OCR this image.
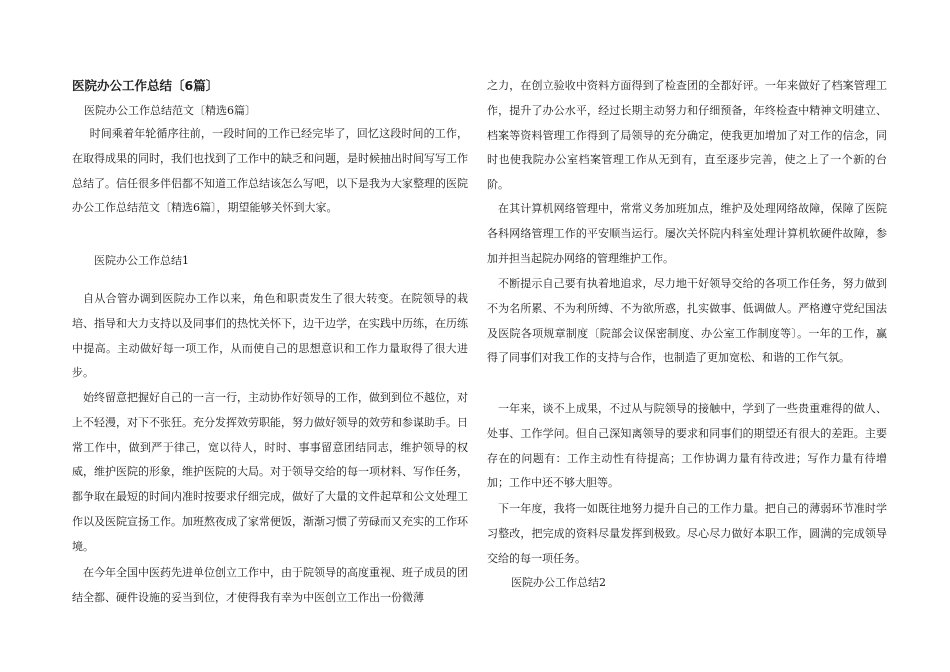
医院办公工作总结〔6篇〕
医院办公工作总结范文〔精选6篇〕

时间乘着年轮循序往前，一段时间的工作已经完毕了，回忆这段时间的工作，在取得成果的同时，我们也找到了工作中的缺乏和问题，是时候抽出时间写写工作总结了。信任很多伴侣都不知道工作总结该怎么写吧，以下是我为大家整理的医院办公工作总结范文〔精选6篇〕，期望能够关怀到大家。

医院办公工作总结1

自从合管办调到医院办工作以来，角色和职责发生了很大转变。在院领导的栽培、指导和大力支持以及同事们的热忱关怀下，边干边学，在实践中历练，在历练中提高。主动做好每一项工作，从而使自己的思想意识和工作力量取得了很大进步。

始终留意把握好自己的一言一行，主动协作好领导的工作，做到到位不越位，对上不轻漫，对下不张狂。充分发挥效劳职能，努力做好领导的效劳和参谋助手。日常工作中，做到严于律己，宽以待人，时时、事事留意团结同志，维护领导的权威，维护医院的形象，维护医院的大局。对于领导交给的每一项材料、写作任务，都争取在最短的时间内准时按要求仔细完成，做好了大量的文件起草和公文处理工作以及医院宣扬工作。加班熬夜成了家常便饭，渐渐习惯了劳碌而又充实的工作环境。

在今年全国中医药先进单位创立工作中，由于院领导的高度重视、班子成员的团结全都、硬件设施的妥当到位，才使得我有幸为中医创立工作出一份微薄

之力，在创立验收中资料方面得到了检查团的全都好评。一年来做好了档案管理工作，提升了办公水平，经过长期主动努力和仔细预备，年终检查中精神文明建立、档案等资料管理工作得到了局领导的充分确定，使我更加增加了对工作的信念，同时也使我院办公室档案管理工作从无到有，直至逐步完善，使之上了一个新的台阶。

在其计算机网络管理中，常常义务加班加点，维护及处理网络故障，保障了医院各科网络管理工作的平安顺当运行。屡次关怀院内科室处理计算机软硬件故障，参加并担当起院办网络的管理维护工作。

不断提示自己要有执着地追求，尽力地干好领导交给的各项工作任务，努力做到不为名所累、不为利所缚、不为欲所惑，扎实做事、低调做人。严格遵守党纪国法及医院各项规章制度〔院部会议保密制度、办公室工作制度等〕。一年的工作，赢得了同事们对我工作的支持与合作，也制造了更加宽松、和谐的工作气氛。

一年来，谈不上成果，不过从与院领导的接触中，学到了一些贵重难得的做人、处事、工作学问。但自己深知离领导的要求和同事们的期望还有很大的差距。主要存在的问题有：工作主动性有待提高；工作协调力量有待改进；写作力量有待增加；工作中还不够大胆等。

下一年度，我将一如既往地努力提升自己的工作力量。把自己的薄弱环节准时学习整改，把完成的资料尽量发挥到极致。尽心尽力做好本职工作，圆满的完成领导交给的每一项任务。

医院办公工作总结2
